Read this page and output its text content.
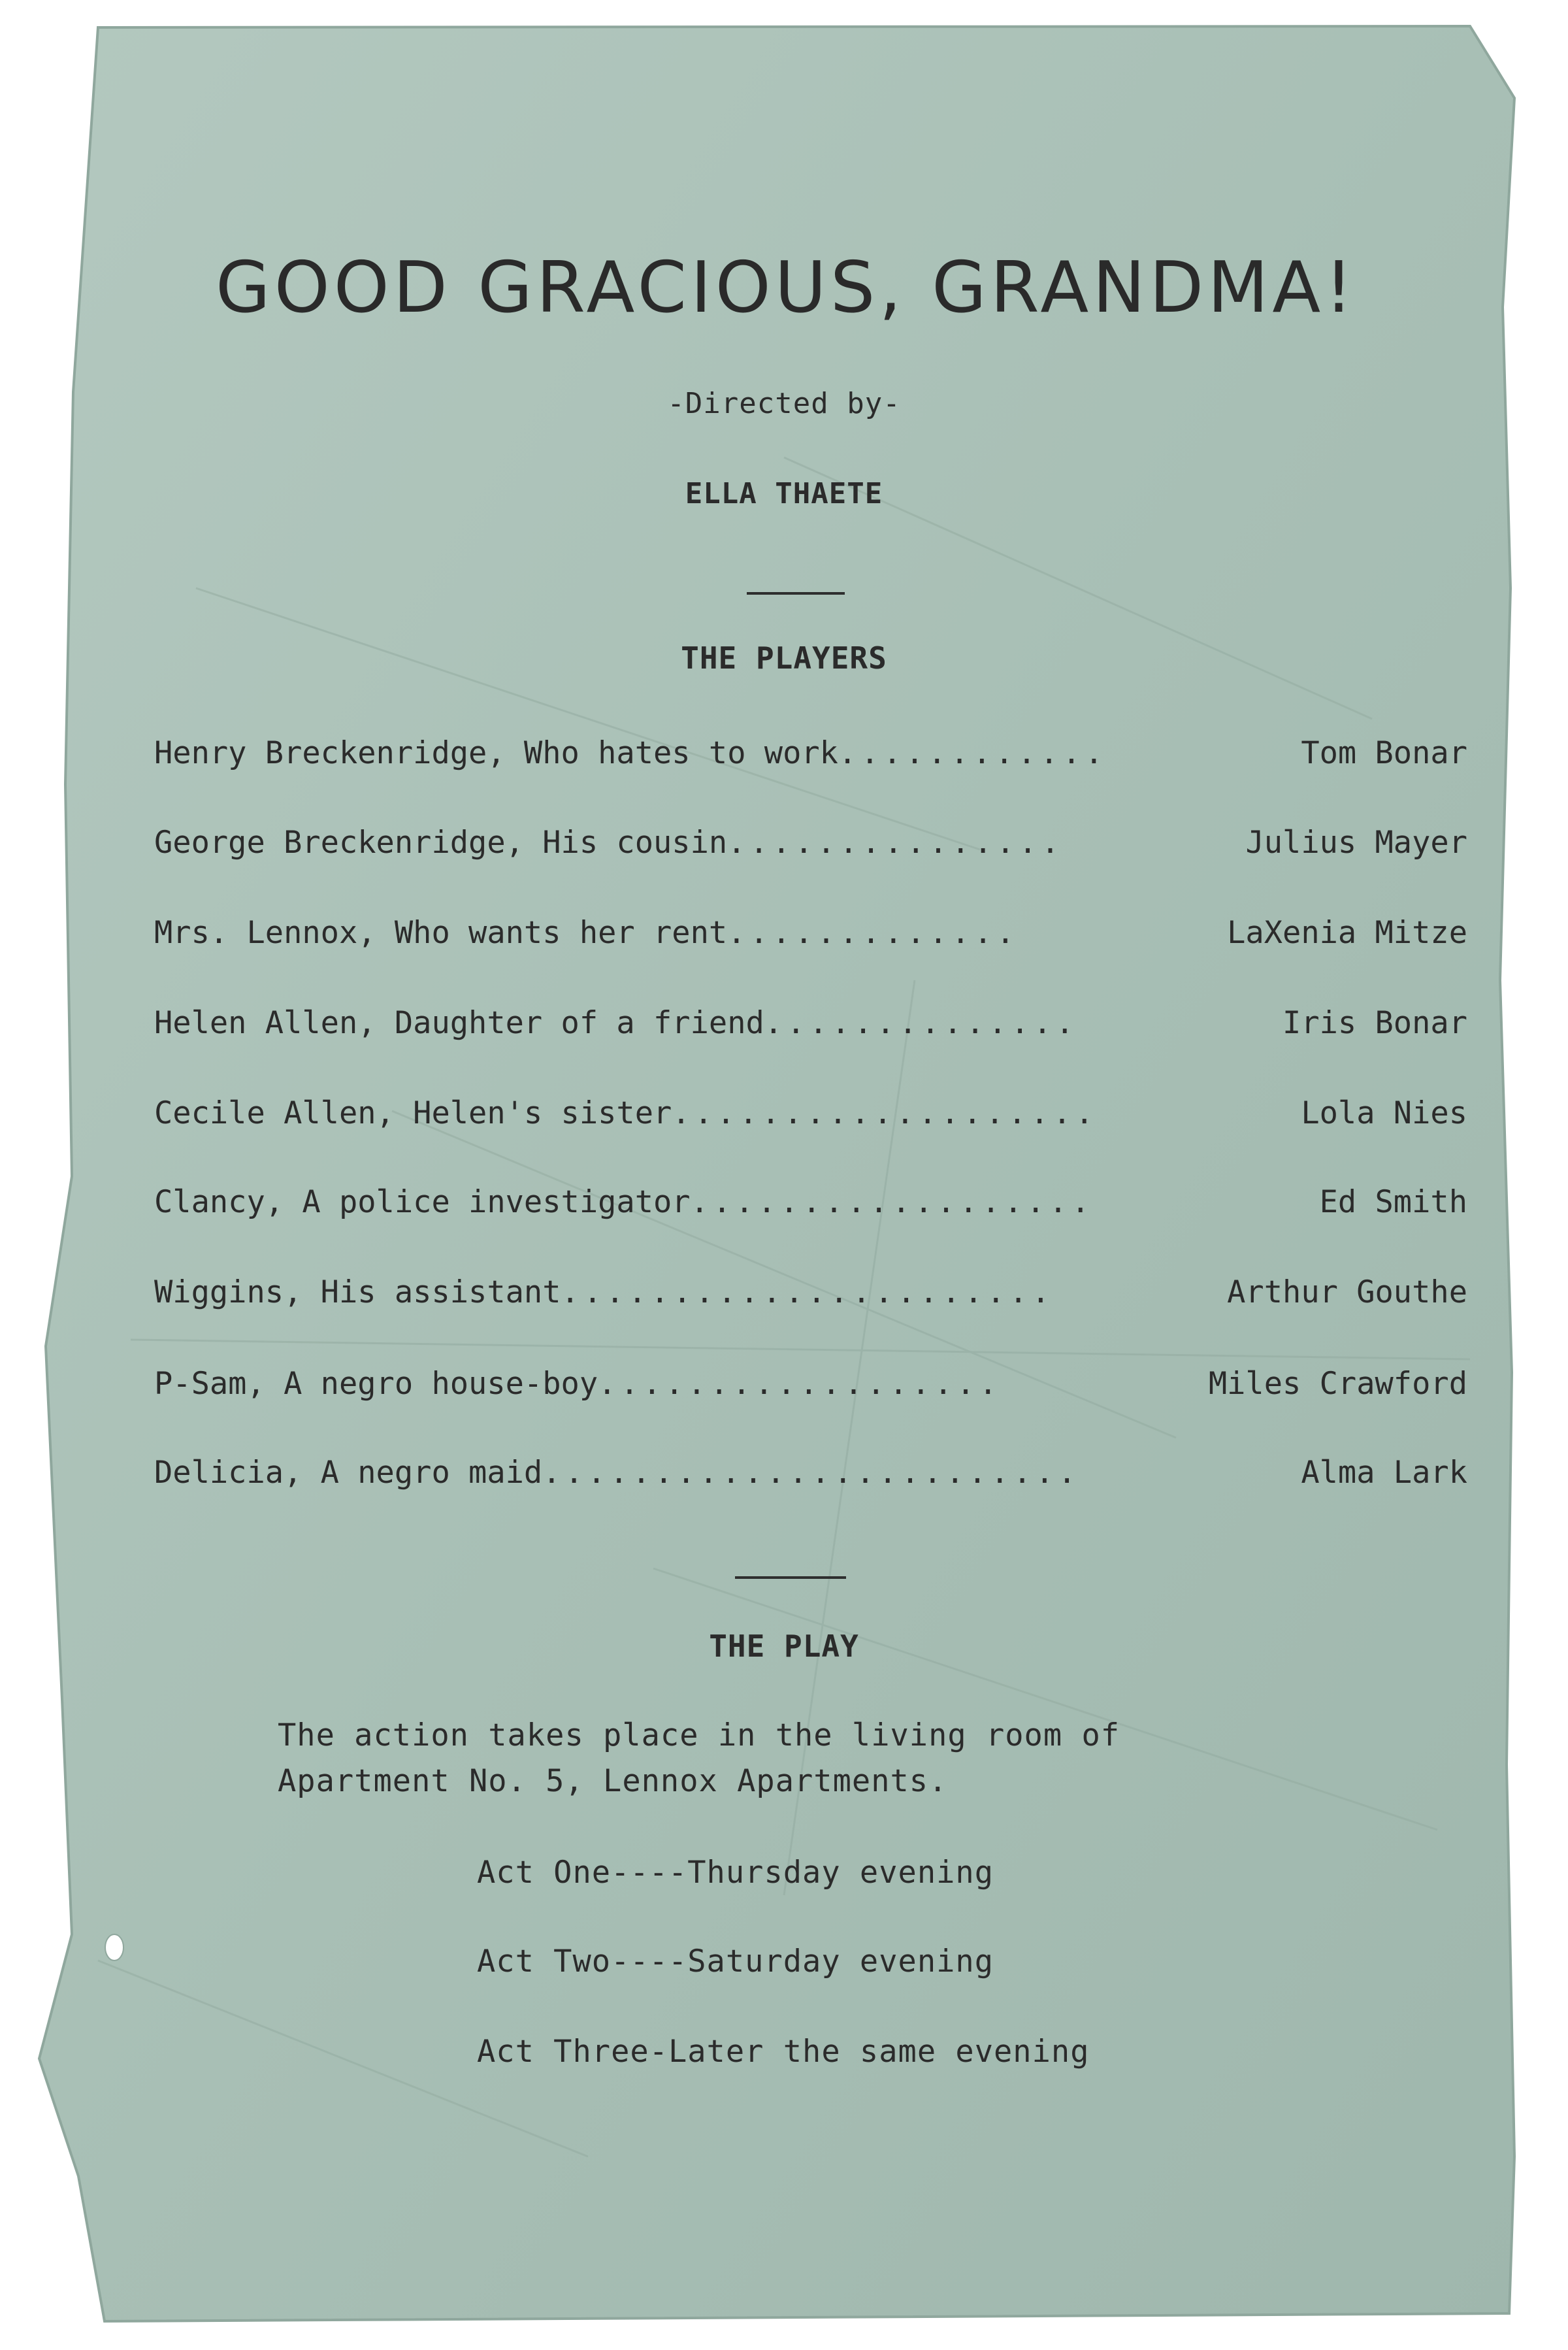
GOOD GRACIOUS, GRANDMA!
-Directed by-
ELLA THAETE
THE PLAYERS
Henry Breckenridge, Who hates to work ............	Tom Bonar
George Breckenridge, His cousin ...............	Julius Mayer
Mrs. Lennox, Who wants her rent .............	LaXenia Mitze
Helen Allen, Daughter of a friend ..............	Iris Bonar
Cecile Allen, Helen's sister ...................	Lola Nies
Clancy, A police investigator ..................	Ed Smith
Wiggins, His assistant ......................	Arthur Gouthe
P-Sam, A negro house-boy ..................	Miles Crawford
Delicia, A negro maid ........................	Alma Lark
THE PLAY
The action takes place in the living room of
Apartment No. 5, Lennox Apartments.
Act One----Thursday evening
Act Two----Saturday evening
Act Three-Later the same evening
